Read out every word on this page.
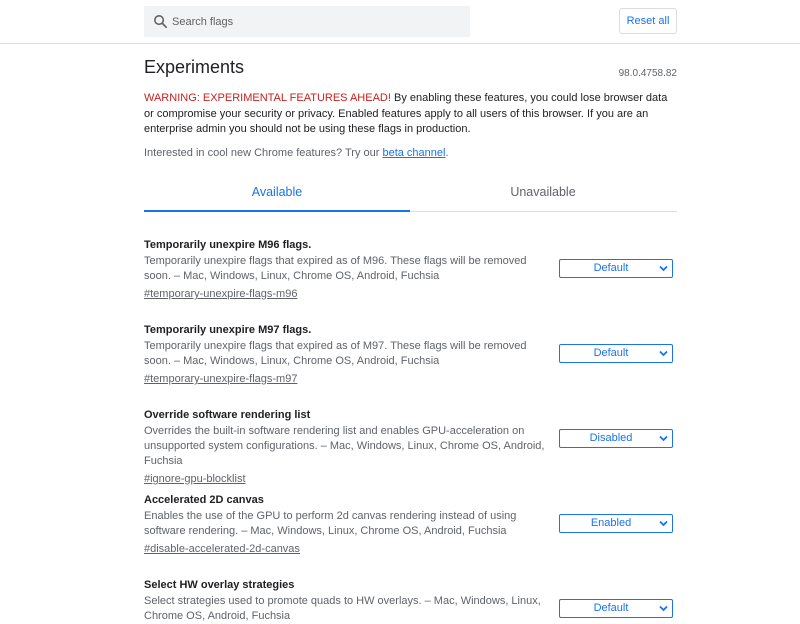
Search flags
Reset all
Experiments	98.0.4758.82
WARNING: EXPERIMENTAL FEATURES AHEAD! By enabling these features, you could lose browser data or compromise your security or privacy. Enabled features apply to all users of this browser. If you are an enterprise admin you should not be using these flags in production.
Interested in cool new Chrome features? Try our beta channel.
Available	Unavailable
Temporarily unexpire M96 flags.
Temporarily unexpire flags that expired as of M96. These flags will be removed soon. – Mac, Windows, Linux, Chrome OS, Android, Fuchsia
#temporary-unexpire-flags-m96
Default
Temporarily unexpire M97 flags.
Temporarily unexpire flags that expired as of M97. These flags will be removed soon. – Mac, Windows, Linux, Chrome OS, Android, Fuchsia
#temporary-unexpire-flags-m97
Default
Override software rendering list
Overrides the built-in software rendering list and enables GPU-acceleration on unsupported system configurations. – Mac, Windows, Linux, Chrome OS, Android, Fuchsia
#ignore-gpu-blocklist
Disabled
Accelerated 2D canvas
Enables the use of the GPU to perform 2d canvas rendering instead of using software rendering. – Mac, Windows, Linux, Chrome OS, Android, Fuchsia
#disable-accelerated-2d-canvas
Enabled
Select HW overlay strategies
Select strategies used to promote quads to HW overlays. – Mac, Windows, Linux, Chrome OS, Android, Fuchsia
Default
